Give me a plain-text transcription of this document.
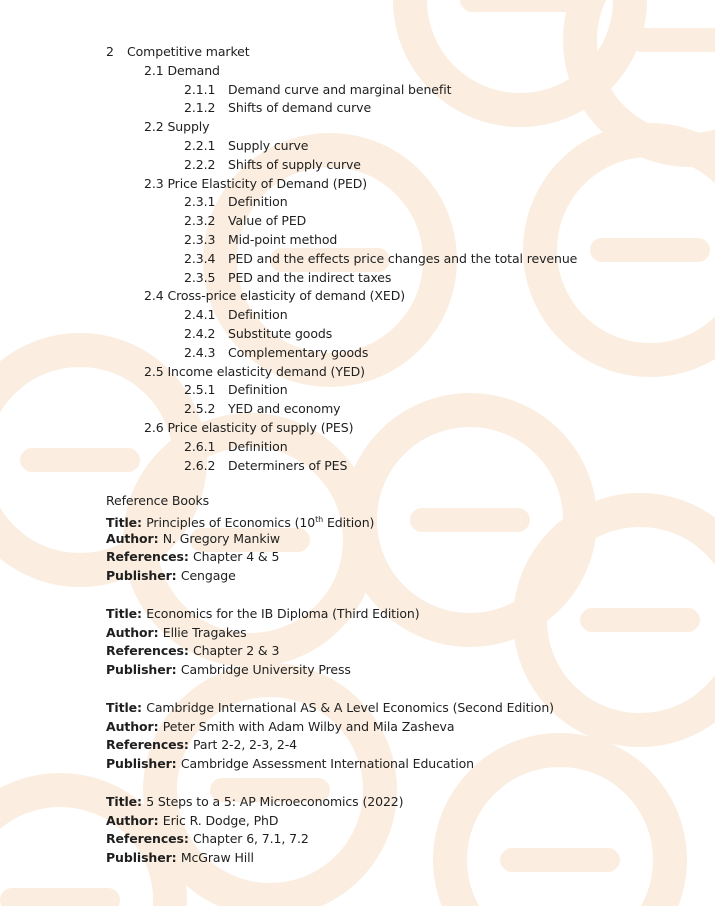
2 Competitive market
2.1 Demand
2.1.1 Demand curve and marginal benefit
2.1.2 Shifts of demand curve
2.2 Supply
2.2.1 Supply curve
2.2.2 Shifts of supply curve
2.3 Price Elasticity of Demand (PED)
2.3.1 Definition
2.3.2 Value of PED
2.3.3 Mid-point method
2.3.4 PED and the effects price changes and the total revenue
2.3.5 PED and the indirect taxes
2.4 Cross-price elasticity of demand (XED)
2.4.1 Definition
2.4.2 Substitute goods
2.4.3 Complementary goods
2.5 Income elasticity demand (YED)
2.5.1 Definition
2.5.2 YED and economy
2.6 Price elasticity of supply (PES)
2.6.1 Definition
2.6.2 Determiners of PES
Reference Books
Title: Principles of Economics (10th Edition)
Author: N. Gregory Mankiw
References: Chapter 4 & 5
Publisher: Cengage
Title: Economics for the IB Diploma (Third Edition)
Author: Ellie Tragakes
References: Chapter 2 & 3
Publisher: Cambridge University Press
Title: Cambridge International AS & A Level Economics (Second Edition)
Author: Peter Smith with Adam Wilby and Mila Zasheva
References: Part 2-2, 2-3, 2-4
Publisher: Cambridge Assessment International Education
Title: 5 Steps to a 5: AP Microeconomics (2022)
Author: Eric R. Dodge, PhD
References: Chapter 6, 7.1, 7.2
Publisher: McGraw Hill
